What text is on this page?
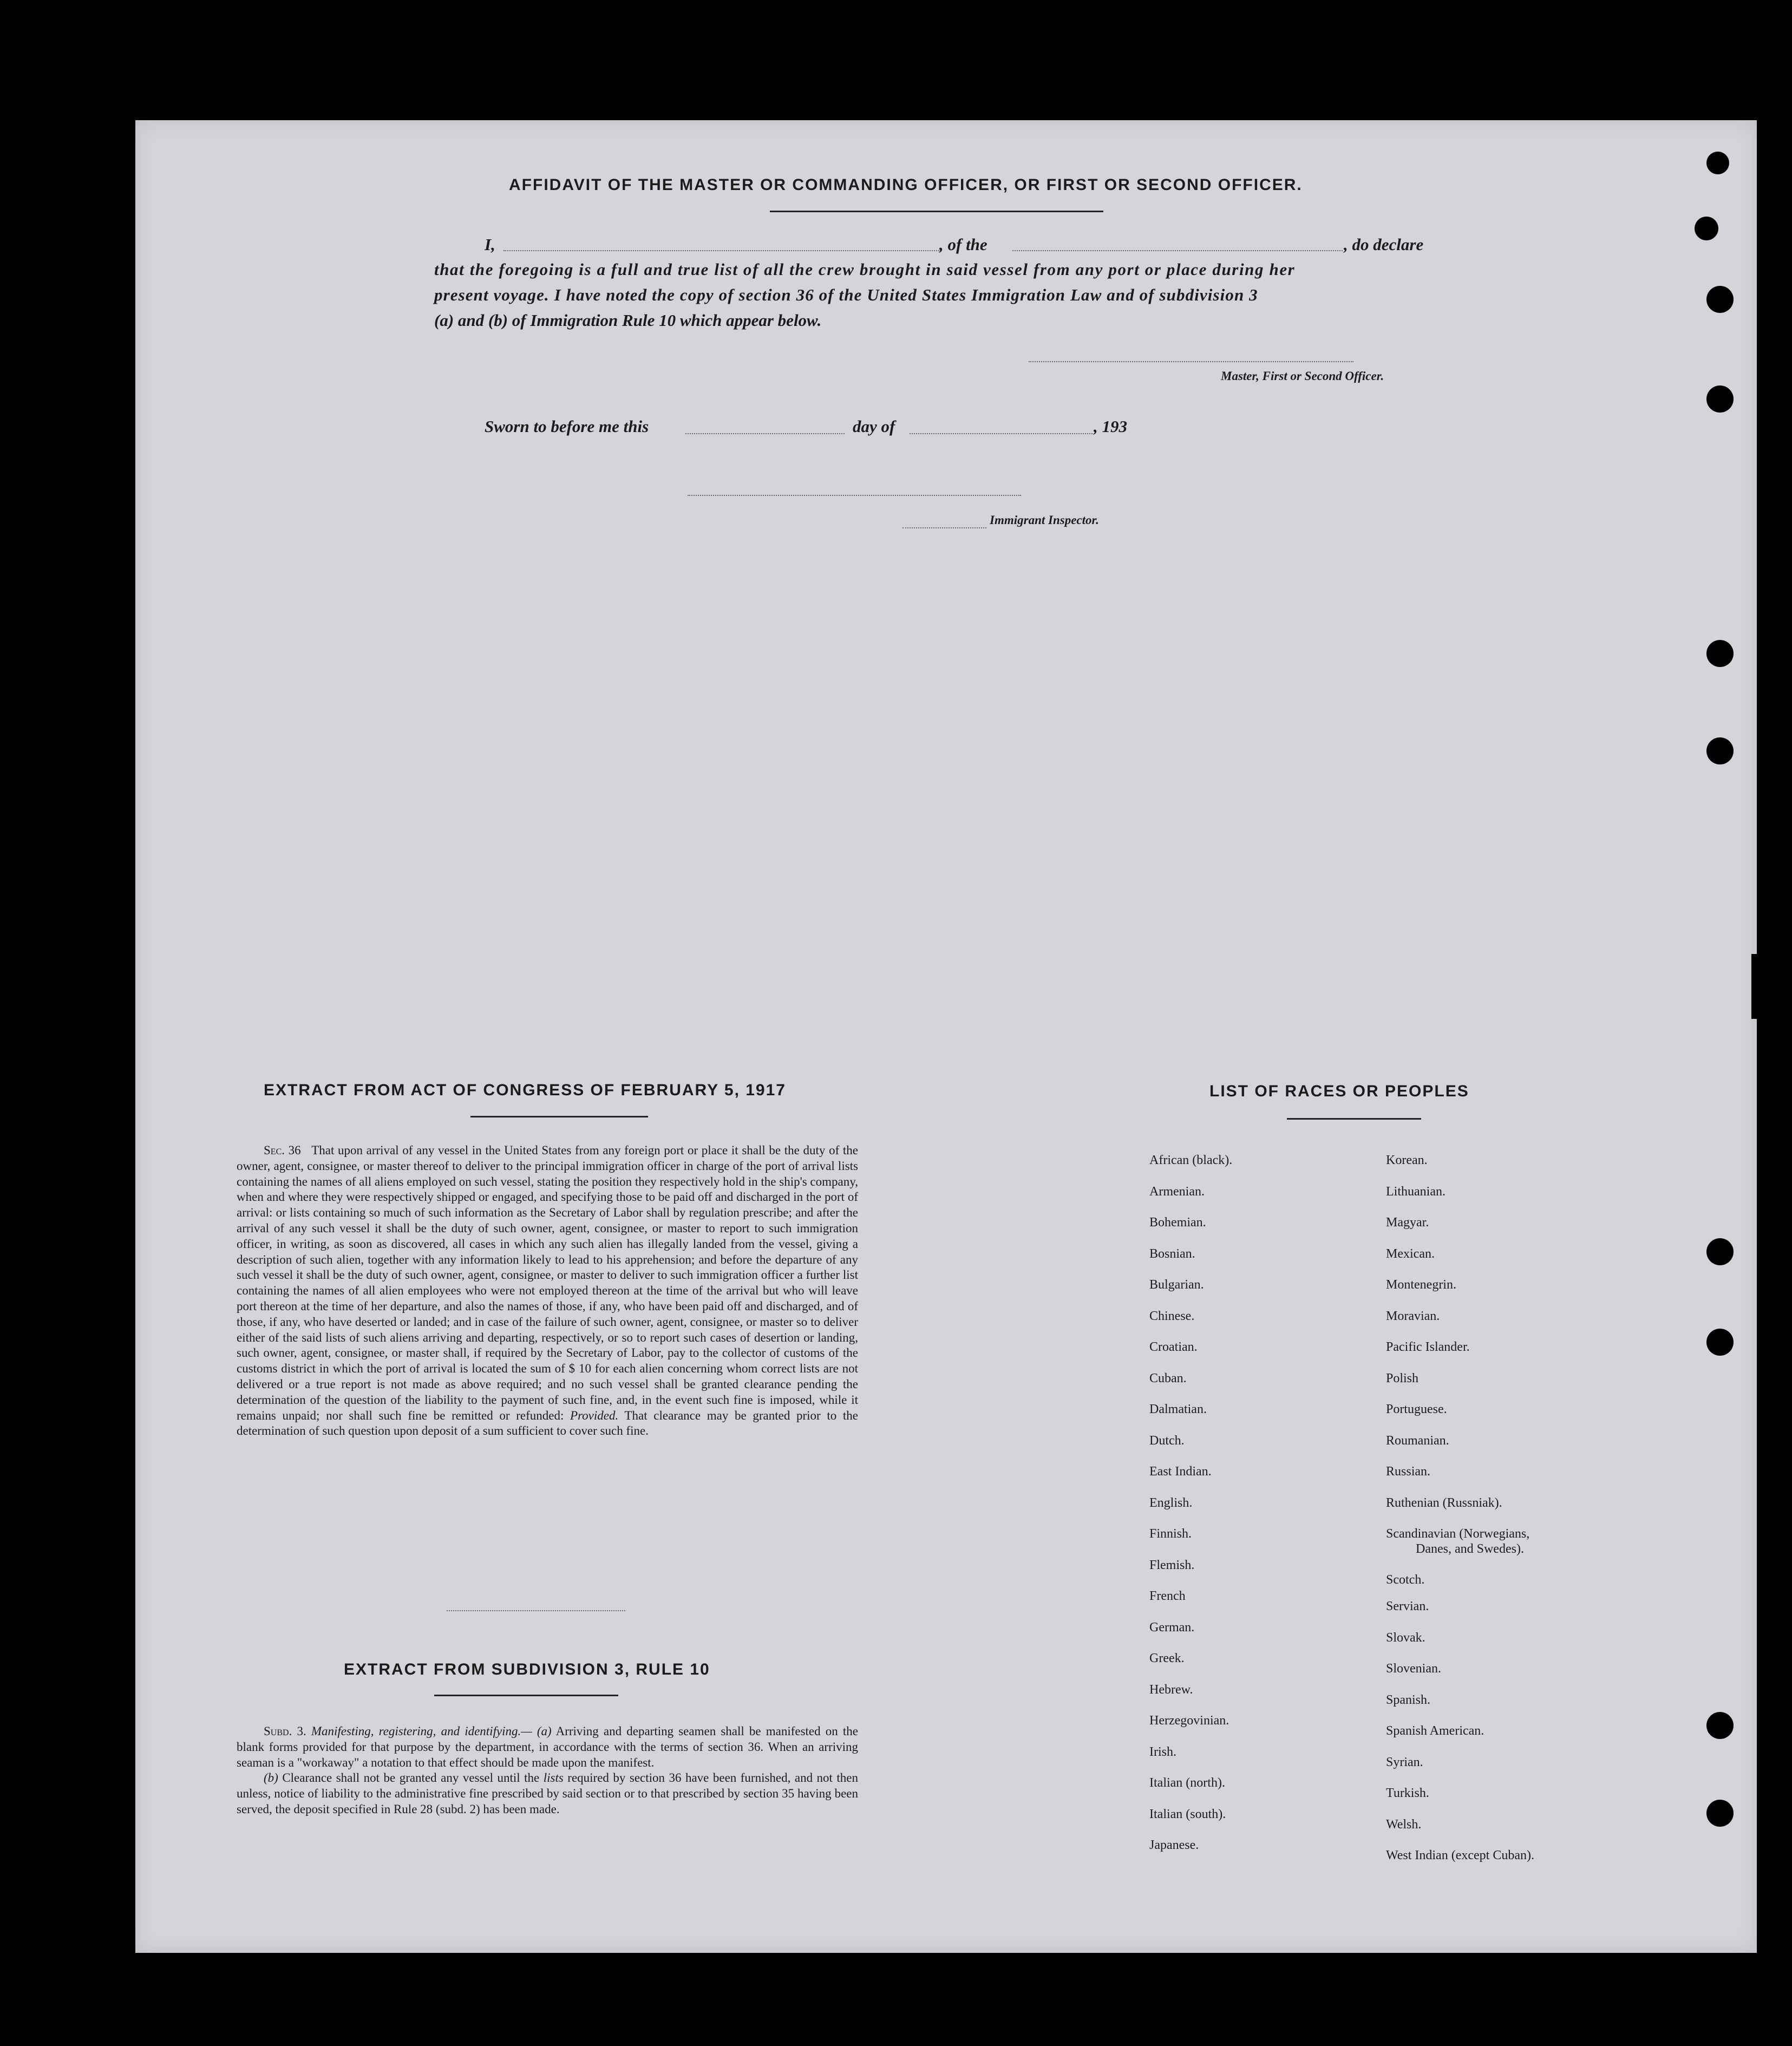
AFFIDAVIT OF THE MASTER OR COMMANDING OFFICER, OR FIRST OR SECOND OFFICER.
I,	, of the	, do declare
that the foregoing is a full and true list of all the crew brought in said vessel from any port or place during her
present voyage. I have noted the copy of section 36 of the United States Immigration Law and of subdivision 3
(a) and (b) of Immigration Rule 10 which appear below.
Master, First or Second Officer.
Sworn to before me this	day of	, 193
Immigrant Inspector.
EXTRACT FROM ACT OF CONGRESS OF FEBRUARY 5, 1917
Sec. 36 That upon arrival of any vessel in the United States from any foreign port or place it shall be the duty of the owner, agent, consignee, or master thereof to deliver to the principal immigration officer in charge of the port of arrival lists containing the names of all aliens employed on such vessel, stating the position they respectively hold in the ship's company, when and where they were respectively shipped or engaged, and specifying those to be paid off and discharged in the port of arrival: or lists containing so much of such information as the Secretary of Labor shall by regulation prescribe; and after the arrival of any such vessel it shall be the duty of such owner, agent, consignee, or master to report to such immigration officer, in writing, as soon as discovered, all cases in which any such alien has illegally landed from the vessel, giving a description of such alien, together with any information likely to lead to his apprehension; and before the departure of any such vessel it shall be the duty of such owner, agent, consignee, or master to deliver to such immigration officer a further list containing the names of all alien employees who were not employed thereon at the time of the arrival but who will leave port thereon at the time of her departure, and also the names of those, if any, who have been paid off and discharged, and of those, if any, who have deserted or landed; and in case of the failure of such owner, agent, consignee, or master so to deliver either of the said lists of such aliens arriving and departing, respectively, or so to report such cases of desertion or landing, such owner, agent, consignee, or master shall, if required by the Secretary of Labor, pay to the collector of customs of the customs district in which the port of arrival is located the sum of $ 10 for each alien concerning whom correct lists are not delivered or a true report is not made as above required; and no such vessel shall be granted clearance pending the determination of the question of the liability to the payment of such fine, and, in the event such fine is imposed, while it remains unpaid; nor shall such fine be remitted or refunded: Provided. That clearance may be granted prior to the determination of such question upon deposit of a sum sufficient to cover such fine.
EXTRACT FROM SUBDIVISION 3, RULE 10
Subd. 3. Manifesting, registering, and identifying.— (a) Arriving and departing seamen shall be manifested on the blank forms provided for that purpose by the department, in accordance with the terms of section 36. When an arriving seaman is a "workaway" a notation to that effect should be made upon the manifest.
(b) Clearance shall not be granted any vessel until the lists required by section 36 have been furnished, and not then unless, notice of liability to the administrative fine prescribed by said section or to that prescribed by section 35 having been served, the deposit specified in Rule 28 (subd. 2) has been made.
LIST OF RACES OR PEOPLES
African (black).
Armenian.
Bohemian.
Bosnian.
Bulgarian.
Chinese.
Croatian.
Cuban.
Dalmatian.
Dutch.
East Indian.
English.
Finnish.
Flemish.
French
German.
Greek.
Hebrew.
Herzegovinian.
Irish.
Italian (north).
Italian (south).
Japanese.
Korean.
Lithuanian.
Magyar.
Mexican.
Montenegrin.
Moravian.
Pacific Islander.
Polish
Portuguese.
Roumanian.
Russian.
Ruthenian (Russniak).
Scandinavian (Norwegians,
Danes, and Swedes).
Scotch.
Servian.
Slovak.
Slovenian.
Spanish.
Spanish American.
Syrian.
Turkish.
Welsh.
West Indian (except Cuban).
